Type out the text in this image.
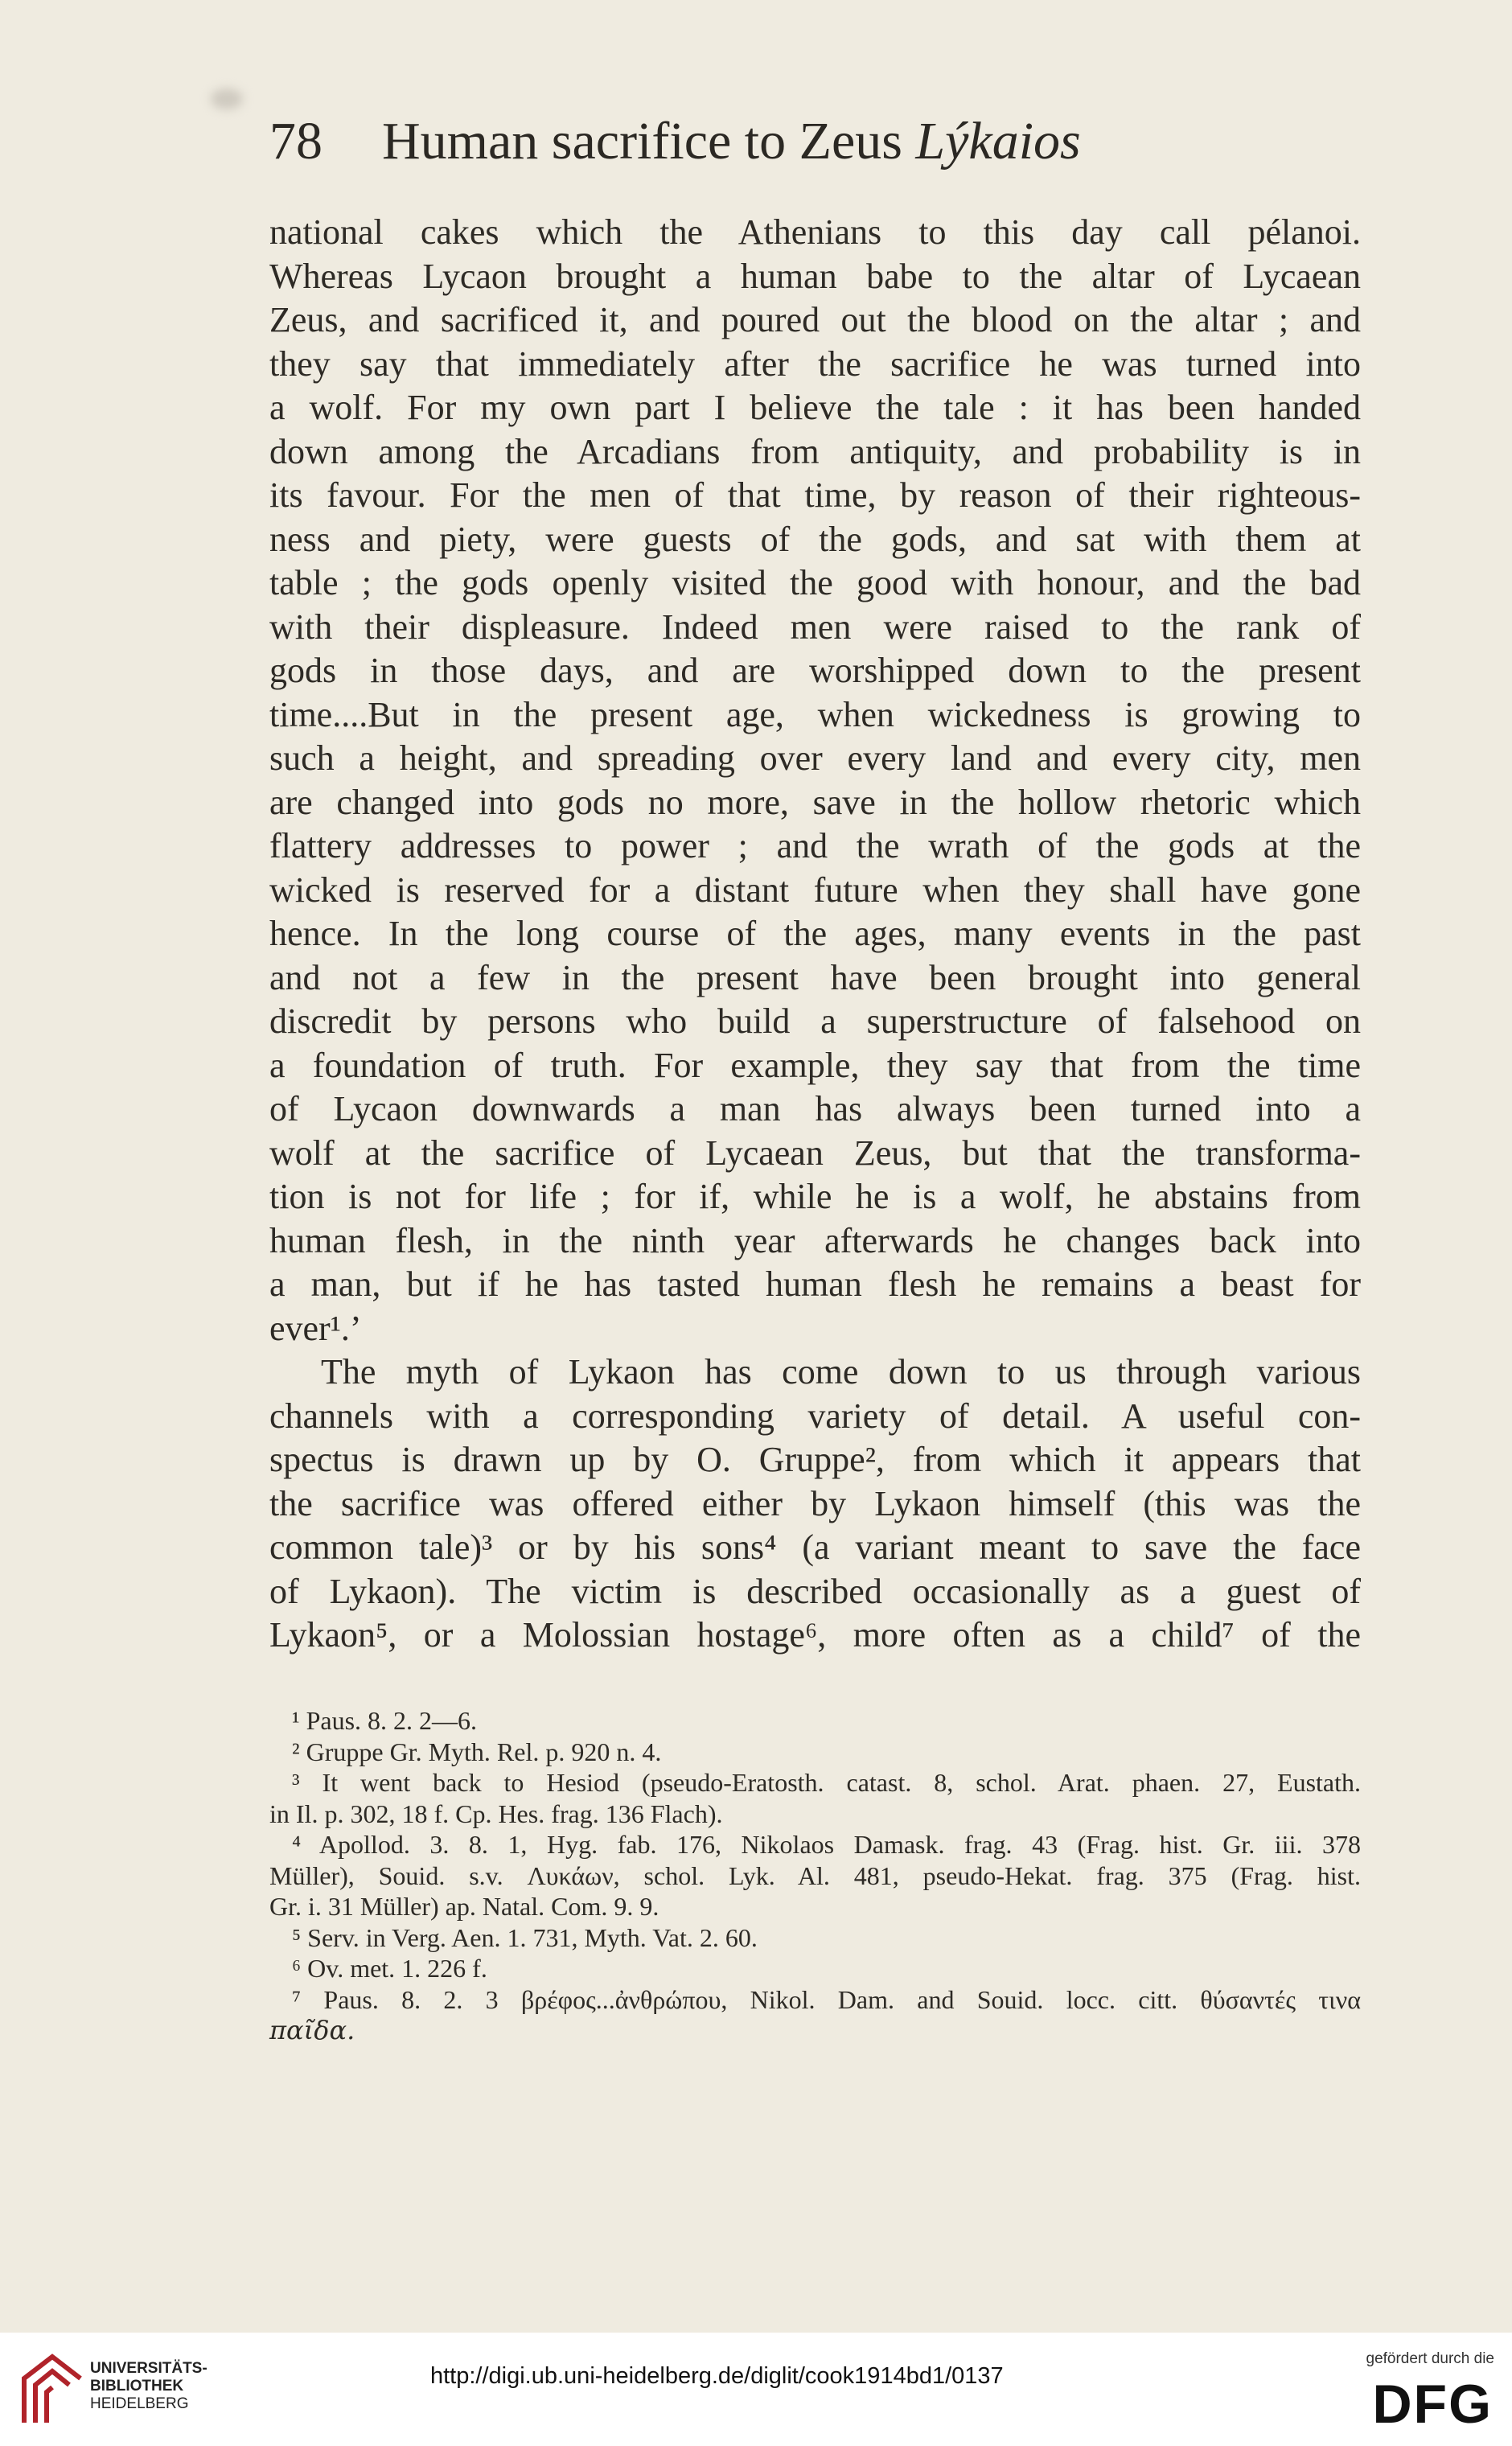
78 Human sacrifice to Zeus Lýkaios
national cakes which the Athenians to this day call pélanoi.
Whereas Lycaon brought a human babe to the altar of Lycaean
Zeus, and sacrificed it, and poured out the blood on the altar ; and
they say that immediately after the sacrifice he was turned into
a wolf. For my own part I believe the tale : it has been handed
down among the Arcadians from antiquity, and probability is in
its favour. For the men of that time, by reason of their righteous-
ness and piety, were guests of the gods, and sat with them at
table ; the gods openly visited the good with honour, and the bad
with their displeasure. Indeed men were raised to the rank of
gods in those days, and are worshipped down to the present
time....But in the present age, when wickedness is growing to
such a height, and spreading over every land and every city, men
are changed into gods no more, save in the hollow rhetoric which
flattery addresses to power ; and the wrath of the gods at the
wicked is reserved for a distant future when they shall have gone
hence. In the long course of the ages, many events in the past
and not a few in the present have been brought into general
discredit by persons who build a superstructure of falsehood on
a foundation of truth. For example, they say that from the time
of Lycaon downwards a man has always been turned into a
wolf at the sacrifice of Lycaean Zeus, but that the transforma-
tion is not for life ; for if, while he is a wolf, he abstains from
human flesh, in the ninth year afterwards he changes back into
a man, but if he has tasted human flesh he remains a beast for
ever¹.’
The myth of Lykaon has come down to us through various
channels with a corresponding variety of detail. A useful con-
spectus is drawn up by O. Gruppe², from which it appears that
the sacrifice was offered either by Lykaon himself (this was the
common tale)³ or by his sons⁴ (a variant meant to save the face
of Lykaon). The victim is described occasionally as a guest of
Lykaon⁵, or a Molossian hostage⁶, more often as a child⁷ of the
¹ Paus. 8. 2. 2—6.
² Gruppe Gr. Myth. Rel. p. 920 n. 4.
³ It went back to Hesiod (pseudo-Eratosth. catast. 8, schol. Arat. phaen. 27, Eustath.
in Il. p. 302, 18 f. Cp. Hes. frag. 136 Flach).
⁴ Apollod. 3. 8. 1, Hyg. fab. 176, Nikolaos Damask. frag. 43 (Frag. hist. Gr. iii. 378
Müller), Souid. s.v. Λυκάων, schol. Lyk. Al. 481, pseudo-Hekat. frag. 375 (Frag. hist.
Gr. i. 31 Müller) ap. Natal. Com. 9. 9.
⁵ Serv. in Verg. Aen. 1. 731, Myth. Vat. 2. 60.
⁶ Ov. met. 1. 226 f.
⁷ Paus. 8. 2. 3 βρέφος...ἀνθρώπου, Nikol. Dam. and Souid. locc. citt. θύσαντές τινα
παῖδα.
UNIVERSITÄTS-
BIBLIOTHEK
HEIDELBERG
http://digi.ub.uni-heidelberg.de/diglit/cook1914bd1/0137
gefördert durch die
DFG
